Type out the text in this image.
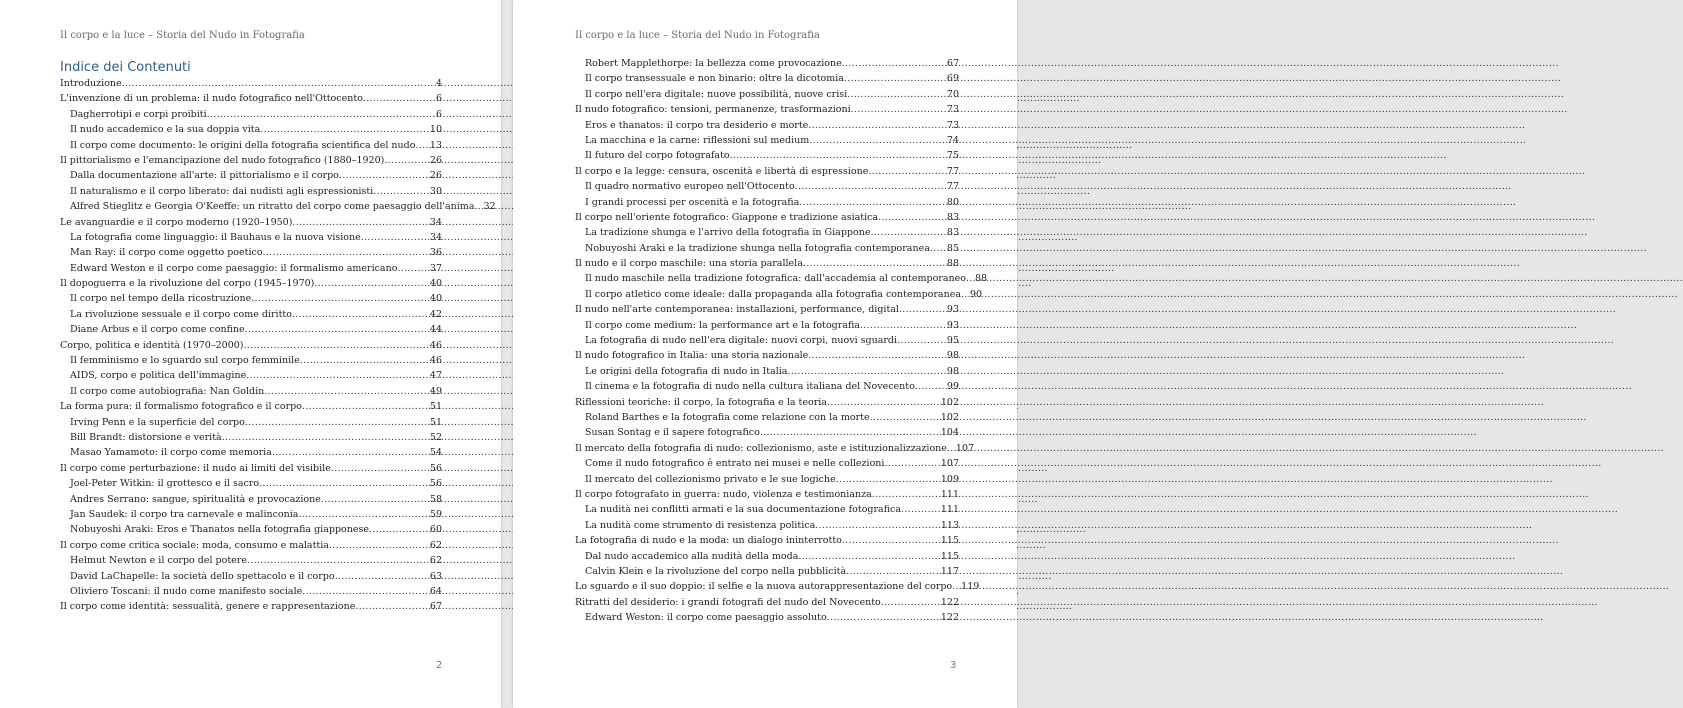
Il corpo e la luce – Storia del Nudo in Fotografia
Indice dei Contenuti
Introduzione .....	4
L'invenzione di un problema: il nudo fotografico nell'Ottocento .....	6
Dagherrotipi e corpi proibiti .....	6
Il nudo accademico e la sua doppia vita .....	10
Il corpo come documento: le origini della fotografia scientifica del nudo ..... 13
Il pittorialismo e l'emancipazione del nudo fotografico (1880–1920) .....	26
Dalla documentazione all'arte: il pittorialismo e il corpo .....	26
Il naturalismo e il corpo liberato: dai nudisti agli espressionisti .....	30
Alfred Stieglitz e Georgia O'Keeffe: un ritratto del corpo come paesaggio dell'anima ..... 32
Le avanguardie e il corpo moderno (1920–1950) .....	34
La fotografia come linguaggio: il Bauhaus e la nuova visione .....	34
Man Ray: il corpo come oggetto poetico .....	36
Edward Weston e il corpo come paesaggio: il formalismo americano .....	37
Il dopoguerra e la rivoluzione del corpo (1945–1970) .....	40
Il corpo nel tempo della ricostruzione .....	40
La rivoluzione sessuale e il corpo come diritto .....	42
Diane Arbus e il corpo come confine .....	44
Corpo, politica e identità (1970–2000) .....	46
Il femminismo e lo sguardo sul corpo femminile .....	46
AIDS, corpo e politica dell'immagine .....	47
Il corpo come autobiografia: Nan Goldin .....	49
La forma pura: il formalismo fotografico e il corpo .....	51
Irving Penn e la superficie del corpo .....	51
Bill Brandt: distorsione e verità .....	52
Masao Yamamoto: il corpo come memoria .....	54
Il corpo come perturbazione: il nudo ai limiti del visibile .....	56
Joel-Peter Witkin: il grottesco e il sacro .....	56
Andres Serrano: sangue, spiritualità e provocazione .....	58
Jan Saudek: il corpo tra carnevale e malinconia .....	59
Nobuyoshi Araki: Eros e Thanatos nella fotografia giapponese .....	60
Il corpo come critica sociale: moda, consumo e malattia .....	62
Helmut Newton e il corpo del potere .....	62
David LaChapelle: la società dello spettacolo e il corpo .....	63
Oliviero Toscani: il nudo come manifesto sociale .....	64
Il corpo come identità: sessualità, genere e rappresentazione .....	67
2
Il corpo e la luce – Storia del Nudo in Fotografia
Robert Mapplethorpe: la bellezza come provocazione .....	67
Il corpo transessuale e non binario: oltre la dicotomia .....	69
Il corpo nell'era digitale: nuove possibilità, nuove crisi .....	70
Il nudo fotografico: tensioni, permanenze, trasformazioni .....	73
Eros e thanatos: il corpo tra desiderio e morte .....	73
La macchina e la carne: riflessioni sul medium .....	74
Il futuro del corpo fotografato .....	75
Il corpo e la legge: censura, oscenità e libertà di espressione .....	77
Il quadro normativo europeo nell'Ottocento .....	77
I grandi processi per oscenità e la fotografia .....	80
Il corpo nell'oriente fotografico: Giappone e tradizione asiatica .....	83
La tradizione shunga e l'arrivo della fotografia in Giappone .....	83
Nobuyoshi Araki e la tradizione shunga nella fotografia contemporanea ..... 85
Il nudo e il corpo maschile: una storia parallela .....	88
Il nudo maschile nella tradizione fotografica: dall'accademia al contemporaneo ..... 88
Il corpo atletico come ideale: dalla propaganda alla fotografia contemporanea ..... 90
Il nudo nell'arte contemporanea: installazioni, performance, digital .....	93
Il corpo come medium: la performance art e la fotografia .....	93
La fotografia di nudo nell'era digitale: nuovi corpi, nuovi sguardi .....	95
Il nudo fotografico in Italia: una storia nazionale .....	98
Le origini della fotografia di nudo in Italia .....	98
Il cinema e la fotografia di nudo nella cultura italiana del Novecento .....	99
Riflessioni teoriche: il corpo, la fotografia e la teoria .....	102
Roland Barthes e la fotografia come relazione con la morte .....	102
Susan Sontag e il sapere fotografico .....	104
Il mercato della fotografia di nudo: collezionismo, aste e istituzionalizzazione ..... 107
Come il nudo fotografico è entrato nei musei e nelle collezioni .....	107
Il mercato del collezionismo privato e le sue logiche .....	109
Il corpo fotografato in guerra: nudo, violenza e testimonianza .....	111
La nudità nei conflitti armati e la sua documentazione fotografica .....	111
La nudità come strumento di resistenza politica .....	113
La fotografia di nudo e la moda: un dialogo ininterrotto .....	115
Dal nudo accademico alla nudità della moda .....	115
Calvin Klein e la rivoluzione del corpo nella pubblicità .....	117
Lo sguardo e il suo doppio: il selfie e la nuova autorappresentazione del corpo ..... 119
Ritratti del desiderio: i grandi fotografi del nudo del Novecento .....	122
Edward Weston: il corpo come paesaggio assoluto .....	122
3
